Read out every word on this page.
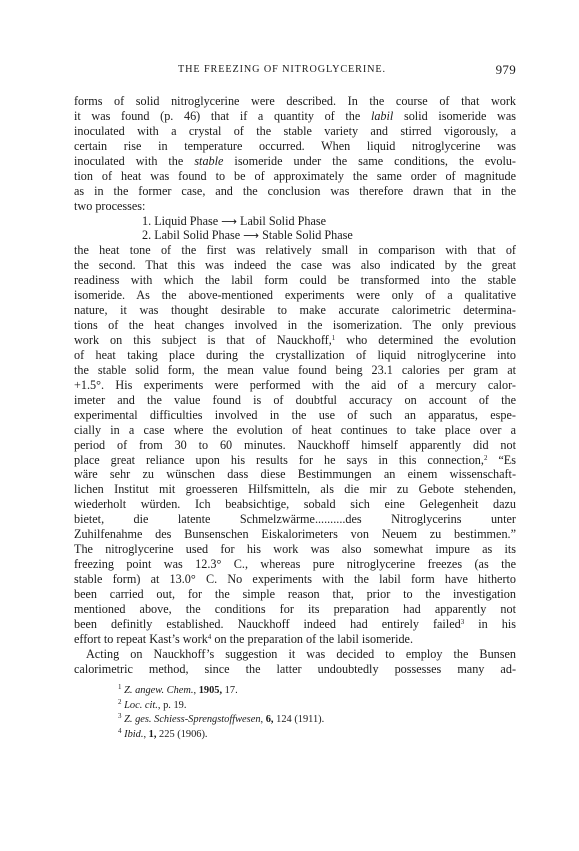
THE FREEZING OF NITROGLYCERINE.	979
forms of solid nitroglycerine were described. In the course of that work
it was found (p. 46) that if a quantity of the labil solid isomeride was
inoculated with a crystal of the stable variety and stirred vigorously, a
certain rise in temperature occurred. When liquid nitroglycerine was
inoculated with the stable isomeride under the same conditions, the evolu-
tion of heat was found to be of approximately the same order of magnitude
as in the former case, and the conclusion was therefore drawn that in the
two processes:
1. Liquid Phase ⟶ Labil Solid Phase
2. Labil Solid Phase ⟶ Stable Solid Phase
the heat tone of the first was relatively small in comparison with that of
the second. That this was indeed the case was also indicated by the great
readiness with which the labil form could be transformed into the stable
isomeride. As the above-mentioned experiments were only of a qualitative
nature, it was thought desirable to make accurate calorimetric determina-
tions of the heat changes involved in the isomerization. The only previous
work on this subject is that of Nauckhoff,$^1$ who determined the evolution
of heat taking place during the crystallization of liquid nitroglycerine into
the stable solid form, the mean value found being 23.1 calories per gram at
+1.5°. His experiments were performed with the aid of a mercury calor-
imeter and the value found is of doubtful accuracy on account of the
experimental difficulties involved in the use of such an apparatus, espe-
cially in a case where the evolution of heat continues to take place over a
period of from 30 to 60 minutes. Nauckhoff himself apparently did not
place great reliance upon his results for he says in this connection,$^2$ “Es
wäre sehr zu wünschen dass diese Bestimmungen an einem wissenschaft-
lichen Institut mit groesseren Hilfsmitteln, als die mir zu Gebote stehenden,
wiederholt würden. Ich beabsichtige, sobald sich eine Gelegenheit dazu
bietet, die latente Schmelzwärme..........des Nitroglycerins unter
Zuhilfenahme des Bunsenschen Eiskalorimeters von Neuem zu bestimmen.”
The nitroglycerine used for his work was also somewhat impure as its
freezing point was 12.3° C., whereas pure nitroglycerine freezes (as the
stable form) at 13.0° C. No experiments with the labil form have hitherto
been carried out, for the simple reason that, prior to the investigation
mentioned above, the conditions for its preparation had apparently not
been definitly established. Nauckhoff indeed had entirely failed$^3$ in his
effort to repeat Kast’s work$^4$ on the preparation of the labil isomeride.
Acting on Nauckhoff’s suggestion it was decided to employ the Bunsen
calorimetric method, since the latter undoubtedly possesses many ad-
$^1$ Z. angew. Chem., 1905, 17.
$^2$ Loc. cit., p. 19.
$^3$ Z. ges. Schiess-Sprengstoffwesen, 6, 124 (1911).
$^4$ Ibid., 1, 225 (1906).
